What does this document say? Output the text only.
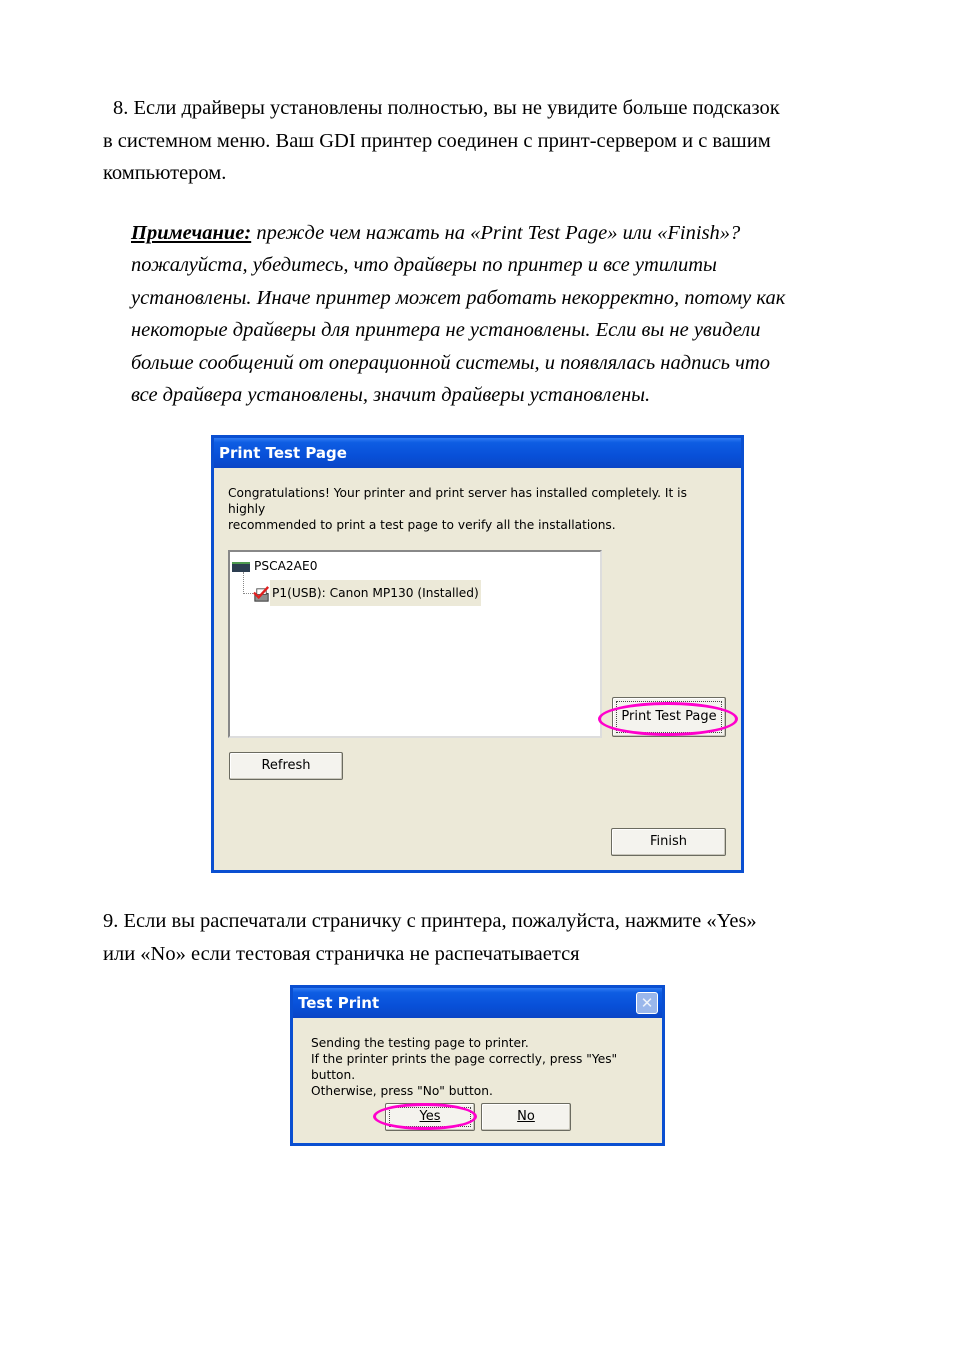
8. Если драйверы установлены полностью, вы не увидите больше подсказок
в системном меню. Ваш GDI принтер соединен с принт-сервером и с вашим
компьютером.

Примечание: прежде чем нажать на «Print Test Page» или «Finish»?
пожалуйста, убедитесь, что драйверы по принтер и все утилиты
установлены. Иначе принтер может работать некорректно, потому как
некоторые драйверы для принтера не установлены. Если вы не увидели
больше сообщений от операционной системы, и появлялась надпись что
все драйвера установлены, значит драйверы установлены.

Print Test Page
Congratulations! Your printer and print server has installed completely. It is highly
recommended to print a test page to verify all the installations.
PSCA2AE0
P1(USB): Canon MP130 (Installed)
Print Test Page
Refresh
Finish

9. Если вы распечатали страничку с принтера, пожалуйста, нажмите «Yes»
или «No» если тестовая страничка не распечатывается

Test Print	✕
Sending the testing page to printer.
If the printer prints the page correctly, press "Yes" button.
Otherwise, press "No" button.
Yes	No
